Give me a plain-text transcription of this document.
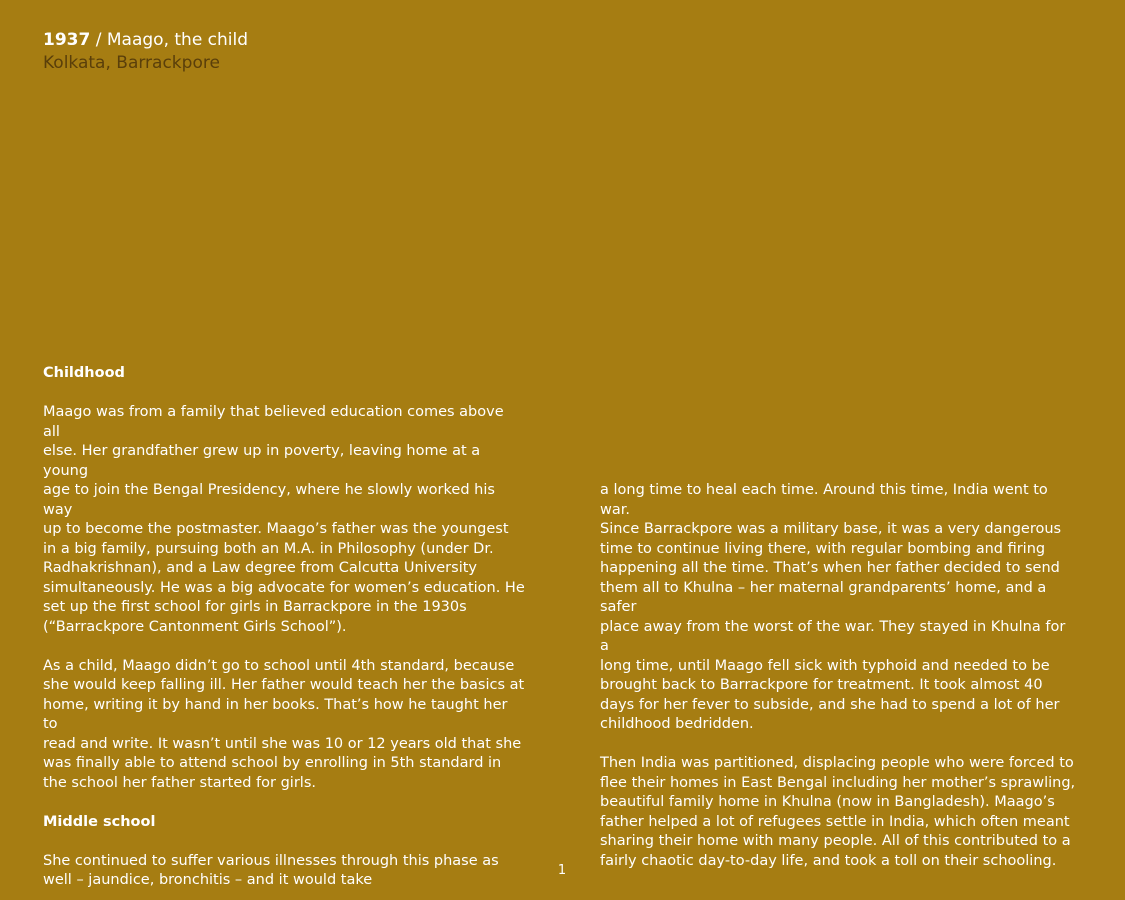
1937 / Maago, the child
Kolkata, Barrackpore
Childhood
Maago was from a family that believed education comes above all
else. Her grandfather grew up in poverty, leaving home at a young
age to join the Bengal Presidency, where he slowly worked his way
up to become the postmaster. Maago’s father was the youngest
in a big family, pursuing both an M.A. in Philosophy (under Dr.
Radhakrishnan), and a Law degree from Calcutta University
simultaneously. He was a big advocate for women’s education. He
set up the first school for girls in Barrackpore in the 1930s
(“Barrackpore Cantonment Girls School”).
As a child, Maago didn’t go to school until 4th standard, because
she would keep falling ill. Her father would teach her the basics at
home, writing it by hand in her books. That’s how he taught her to
read and write. It wasn’t until she was 10 or 12 years old that she
was finally able to attend school by enrolling in 5th standard in
the school her father started for girls.
Middle school
She continued to suffer various illnesses through this phase as
well – jaundice, bronchitis – and it would take
a long time to heal each time. Around this time, India went to war.
Since Barrackpore was a military base, it was a very dangerous
time to continue living there, with regular bombing and firing
happening all the time. That’s when her father decided to send
them all to Khulna – her maternal grandparents’ home, and a safer
place away from the worst of the war. They stayed in Khulna for a
long time, until Maago fell sick with typhoid and needed to be
brought back to Barrackpore for treatment. It took almost 40
days for her fever to subside, and she had to spend a lot of her
childhood bedridden.
Then India was partitioned, displacing people who were forced to
flee their homes in East Bengal including her mother’s sprawling,
beautiful family home in Khulna (now in Bangladesh). Maago’s
father helped a lot of refugees settle in India, which often meant
sharing their home with many people. All of this contributed to a
fairly chaotic day-to-day life, and took a toll on their schooling.
1
